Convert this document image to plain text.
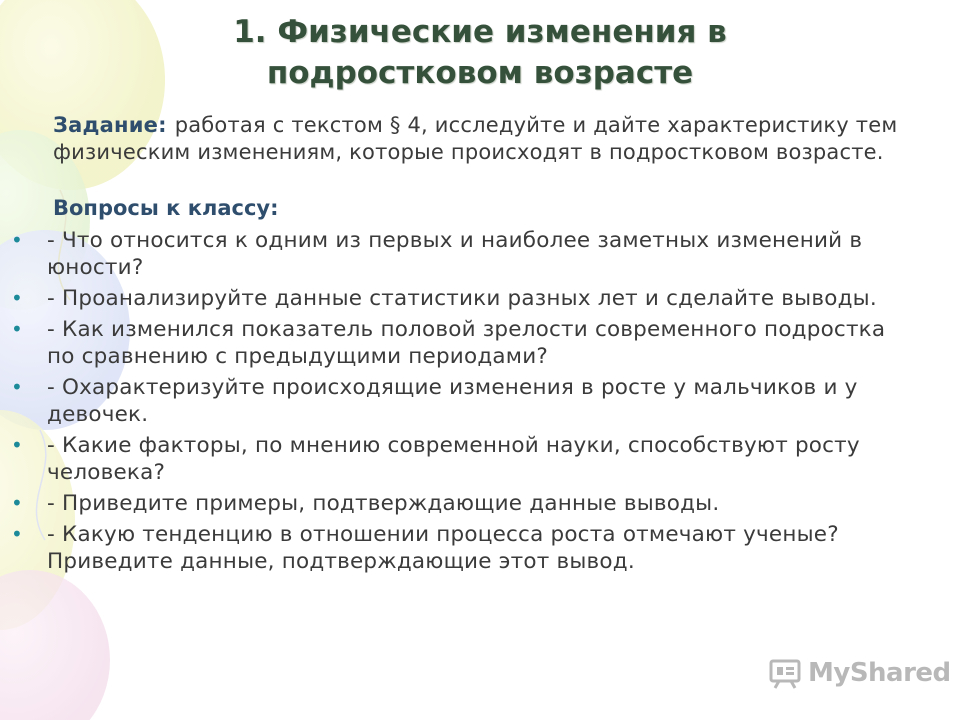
1. Физические изменения в
подростковом возрасте
Задание: работая с текстом § 4, исследуйте и дайте характеристику тем физическим изменениям, которые происходят в подростковом возрасте.
Вопросы к классу:
• - Что относится к одним из первых и наиболее заметных изменений в юности?
• - Проанализируйте данные статистики разных лет и сделайте выводы.
• - Как изменился показатель половой зрелости современного подростка по сравнению с предыдущими периодами?
• - Охарактеризуйте происходящие изменения в росте у мальчиков и у девочек.
• - Какие факторы, по мнению современной науки, способствуют росту человека?
• - Приведите примеры, подтверждающие данные выводы.
• - Какую тенденцию в отношении процесса роста отмечают ученые? Приведите данные, подтверждающие этот вывод.
MyShared
